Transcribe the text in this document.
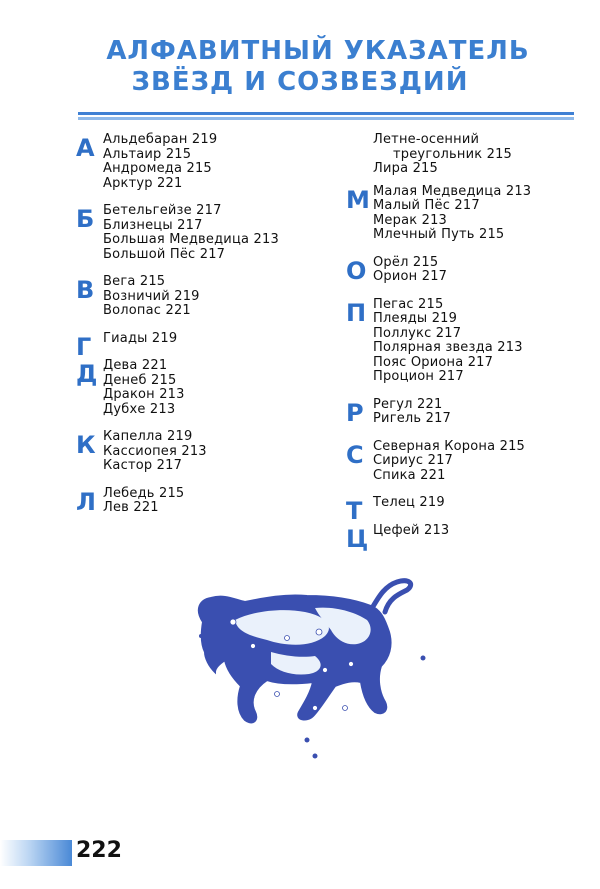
АЛФАВИТНЫЙ УКАЗАТЕЛЬ
ЗВЁЗД И СОЗВЕЗДИЙ
А Альдебаран 219
Альтаир 215
Андромеда 215
Арктур 221
Б Бетельгейзе 217
Близнецы 217
Большая Медведица 213
Большой Пёс 217
В Вега 215
Возничий 219
Волопас 221
Г Гиады 219
Д Дева 221
Денеб 215
Дракон 213
Дубхе 213
К Капелла 219
Кассиопея 213
Кастор 217
Л Лебедь 215
Лев 221
Летне-осенний
треугольник 215
Лира 215
М Малая Медведица 213
Малый Пёс 217
Мерак 213
Млечный Путь 215
О Орёл 215
Орион 217
П Пегас 215
Плеяды 219
Поллукс 217
Полярная звезда 213
Пояс Ориона 217
Процион 217
Р Регул 221
Ригель 217
С Северная Корона 215
Сириус 217
Спика 221
Т Телец 219
Ц Цефей 213
222
